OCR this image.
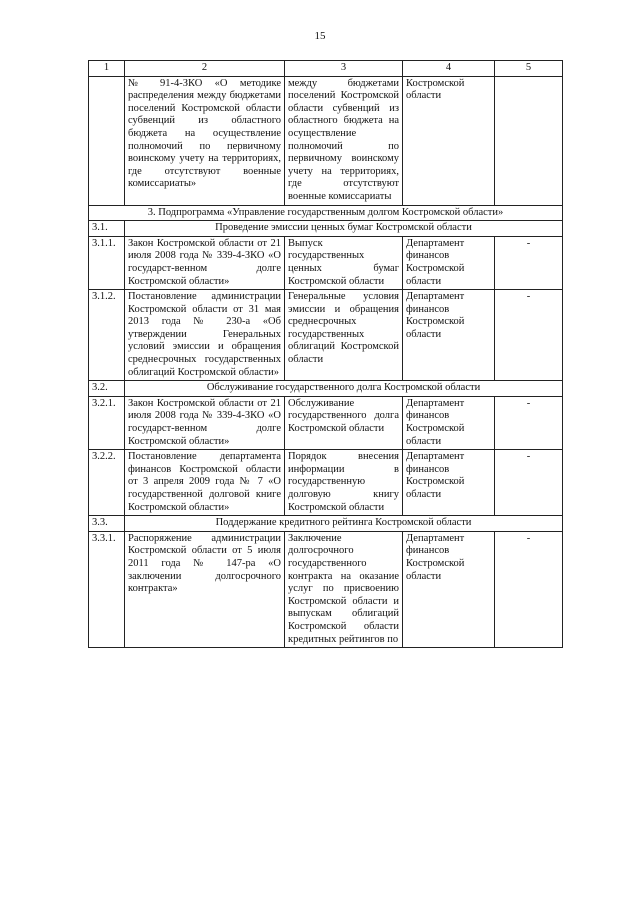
15
1	2	3	4	5
	№ 91-4-ЗКО «О методике распределения между бюджетами поселений Костромской области субвенций из областного бюджета на осуществление полномочий по первичному воинскому учету на территориях, где отсутствуют военные комиссариаты»	между бюджетами поселений Костромской области субвенций из областного бюджета на осуществление полномочий по первичному воинскому учету на территориях, где отсутствуют военные комиссариаты	Костромской области	
3. Подпрограмма «Управление государственным долгом Костромской области»				
3.1.	Проведение эмиссии ценных бумаг Костромской области			
3.1.1.	Закон Костромской области от 21 июля 2008 года № 339-4-ЗКО «О государст-венном долге Костромской области»	Выпуск государственных ценных бумаг Костромской области	Департамент финансов Костромской области	-
3.1.2.	Постановление администрации Костромской области от 31 мая 2013 года № 230-а «Об утверждении Генеральных условий эмиссии и обращения среднесрочных государственных облигаций Костромской области»	Генеральные условия эмиссии и обращения среднесрочных государственных облигаций Костромской области	Департамент финансов Костромской области	-
3.2.	Обслуживание государственного долга Костромской области			
3.2.1.	Закон Костромской области от 21 июля 2008 года № 339-4-ЗКО «О государст-венном долге Костромской области»	Обслуживание государственного долга Костромской области	Департамент финансов Костромской области	-
3.2.2.	Постановление департамента финансов Костромской области от 3 апреля 2009 года № 7 «О государственной долговой книге Костромской области»	Порядок внесения информации в государственную долговую книгу Костромской области	Департамент финансов Костромской области	-
3.3.	Поддержание кредитного рейтинга Костромской области			
3.3.1.	Распоряжение администрации Костромской области от 5 июля 2011 года № 147-ра «О заключении долгосрочного контракта»	Заключение долгосрочного государственного контракта на оказание услуг по присвоению Костромской области и выпускам облигаций Костромской области кредитных рейтингов по	Департамент финансов Костромской области	-
